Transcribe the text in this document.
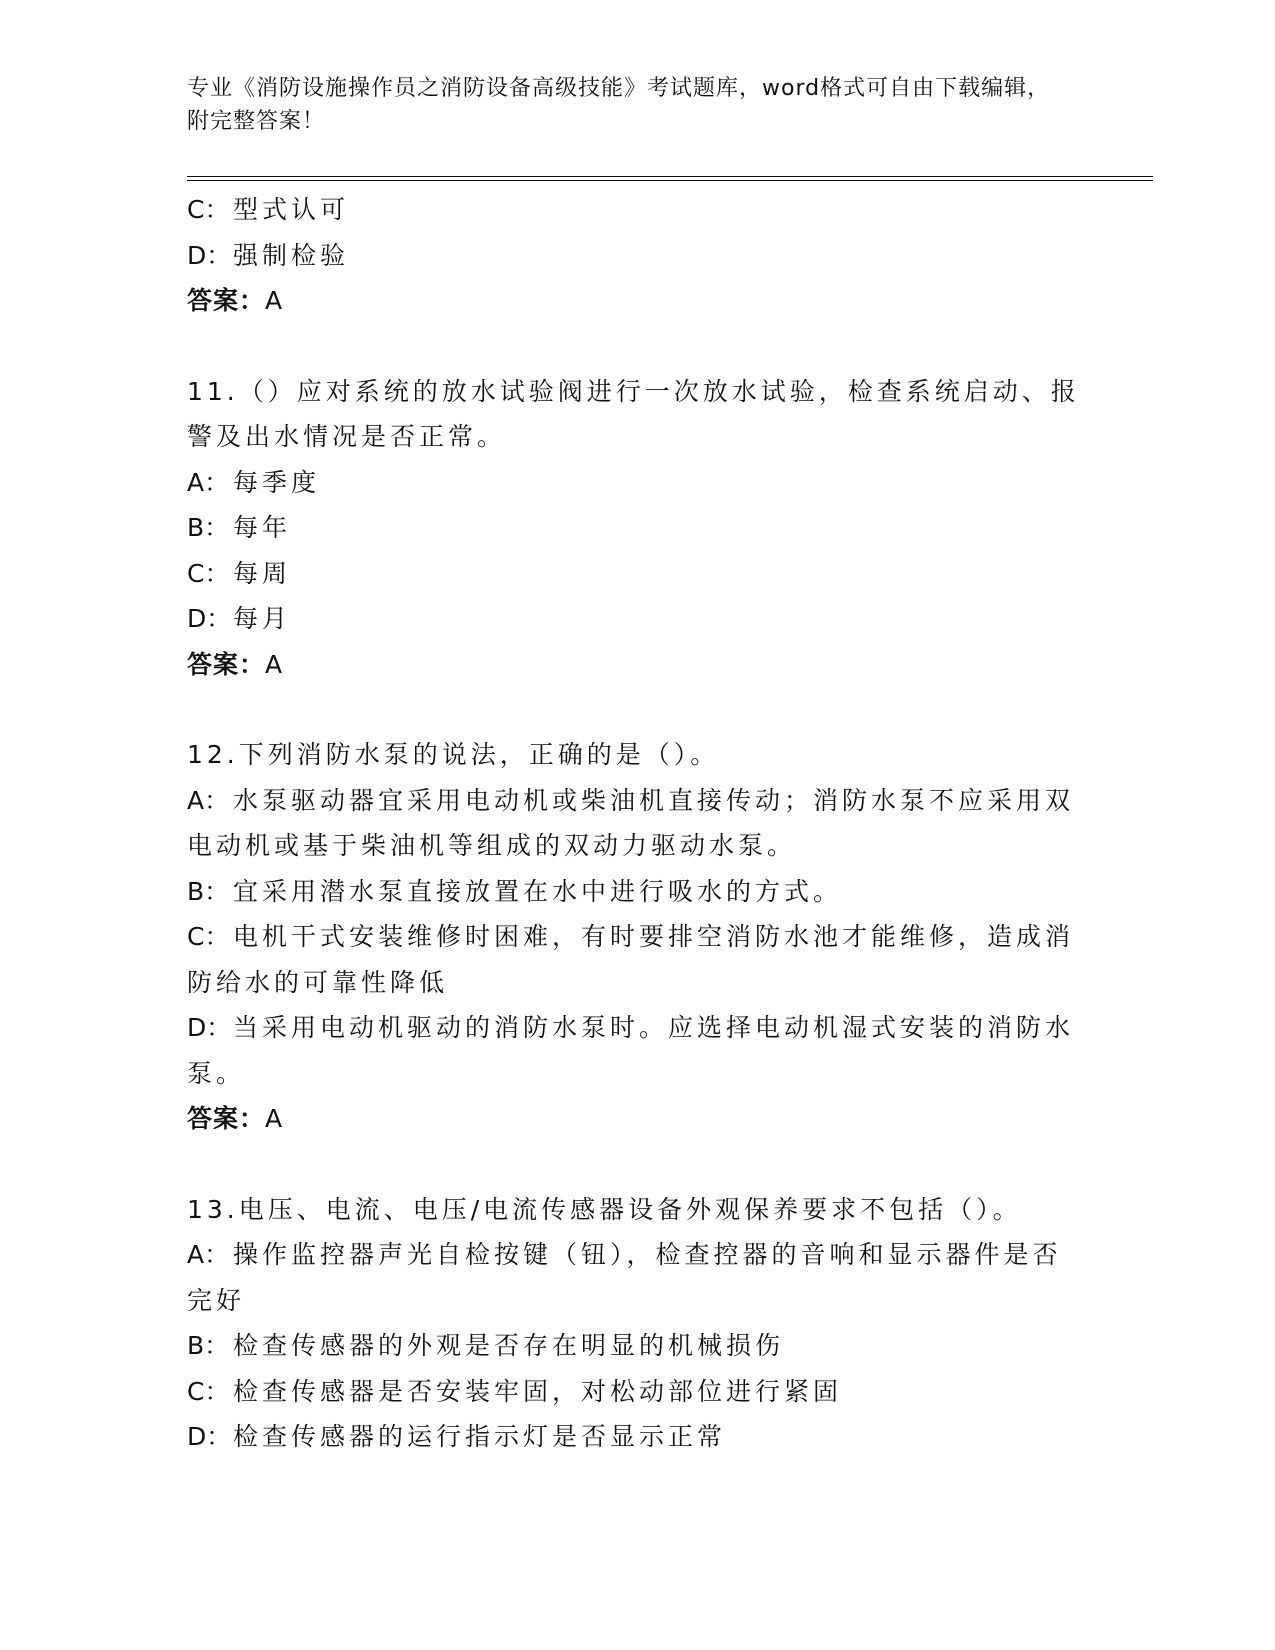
专业《消防设施操作员之消防设备高级技能》考试题库，word格式可自由下载编辑，附完整答案！
C： 型式认可
D：强制检验
答案：A
11.（）应对系统的放水试验阀进行一次放水试验，检查系统启动、报警及出水情况是否正常。
A： 每季度
B： 每年
C： 每周
D：每月
答案：A
12.下列消防水泵的说法，正确的是（）。
A： 水泵驱动器宜采用电动机或柴油机直接传动；消防水泵不应采用双电动机或基于柴油机等组成的双动力驱动水泵。
B： 宜采用潜水泵直接放置在水中进行吸水的方式。
C： 电机干式安装维修时困难，有时要排空消防水池才能维修，造成消防给水的可靠性降低
D：当采用电动机驱动的消防水泵时。应选择电动机湿式安装的消防水泵。
答案：A
13.电压、电流、电压/电流传感器设备外观保养要求不包括（）。
A： 操作监控器声光自检按键（钮），检查控器的音响和显示器件是否完好
B： 检查传感器的外观是否存在明显的机械损伤
C： 检查传感器是否安装牢固，对松动部位进行紧固
D：检查传感器的运行指示灯是否显示正常
